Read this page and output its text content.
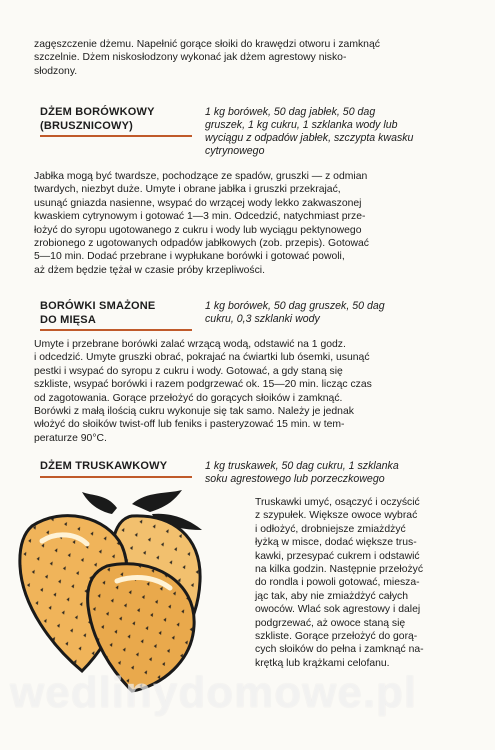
zagęszczenie dżemu. Napełnić gorące słoiki do krawędzi otworu i zamknąć
szczelnie. Dżem niskosłodzony wykonać jak dżem agrestowy nisko-
słodzony.
DŻEM BORÓWKOWY
(BRUSZNICOWY)
1 kg borówek, 50 dag jabłek, 50 dag
gruszek, 1 kg cukru, 1 szklanka wody lub
wyciągu z odpadów jabłek, szczypta kwasku
cytrynowego
Jabłka mogą być twardsze, pochodzące ze spadów, gruszki — z odmian
twardych, niezbyt duże. Umyte i obrane jabłka i gruszki przekrajać,
usunąć gniazda nasienne, wsypać do wrzącej wody lekko zakwaszonej
kwaskiem cytrynowym i gotować 1—3 min. Odcedzić, natychmiast prze-
łożyć do syropu ugotowanego z cukru i wody lub wyciągu pektynowego
zrobionego z ugotowanych odpadów jabłkowych (zob. przepis). Gotować
5—10 min. Dodać przebrane i wypłukane borówki i gotować powoli,
aż dżem będzie tężał w czasie próby krzepliwości.
BORÓWKI SMAŻONE
DO MIĘSA
1 kg borówek, 50 dag gruszek, 50 dag
cukru, 0,3 szklanki wody
Umyte i przebrane borówki zalać wrzącą wodą, odstawić na 1 godz.
i odcedzić. Umyte gruszki obrać, pokrajać na ćwiartki lub ósemki, usunąć
pestki i wsypać do syropu z cukru i wody. Gotować, a gdy staną się
szkliste, wsypać borówki i razem podgrzewać ok. 15—20 min. licząc czas
od zagotowania. Gorące przełożyć do gorących słoików i zamknąć.
Borówki z małą ilością cukru wykonuje się tak samo. Należy je jednak
włożyć do słoików twist-off lub feniks i pasteryzować 15 min. w tem-
peraturze 90°C.
DŻEM TRUSKAWKOWY	1 kg truskawek, 50 dag cukru, 1 szklanka
soku agrestowego lub porzeczkowego
Truskawki umyć, osączyć i oczyścić
z szypułek. Większe owoce wybrać
i odłożyć, drobniejsze zmiażdżyć
łyżką w misce, dodać większe trus-
kawki, przesypać cukrem i odstawić
na kilka godzin. Następnie przełożyć
do rondla i powoli gotować, miesza-
jąc tak, aby nie zmiażdżyć całych
owoców. Wlać sok agrestowy i dalej
podgrzewać, aż owoce staną się
szkliste. Gorące przełożyć do gorą-
cych słoików do pełna i zamknąć na-
krętką lub krążkami celofanu.
wedlinydomowe.pl
